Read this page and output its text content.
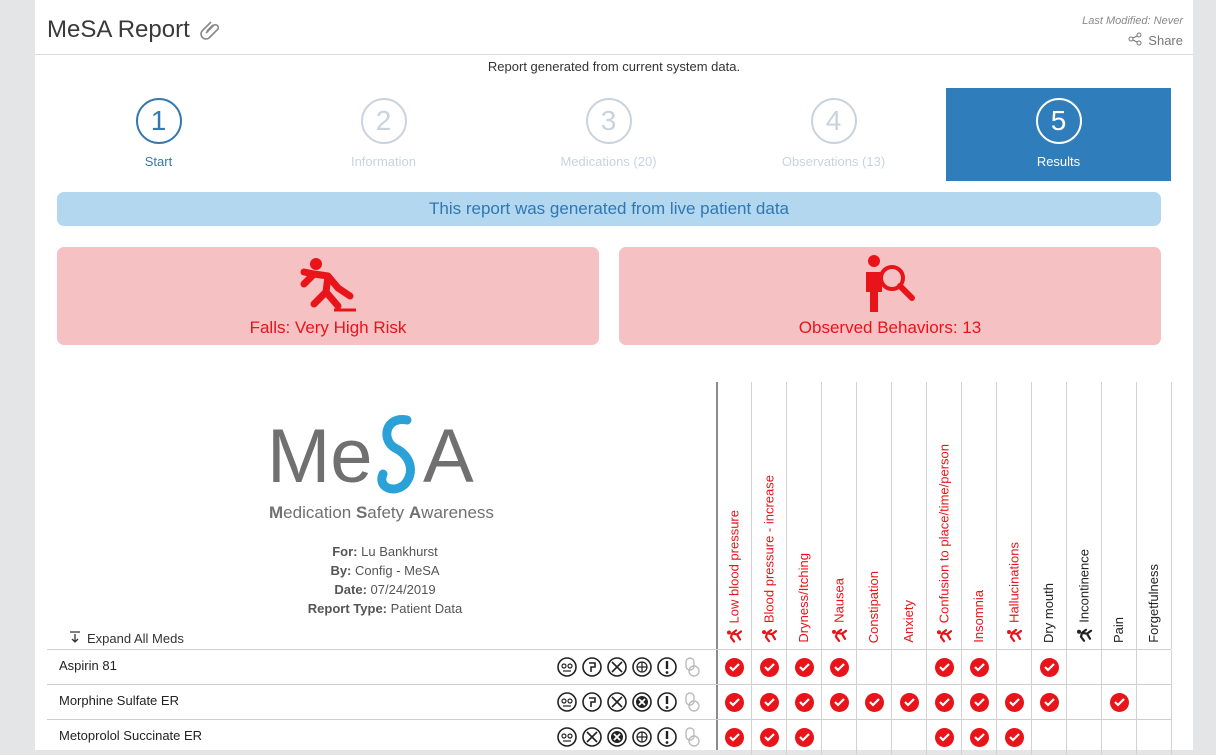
MeSA Report	Last Modified: Never
Share
Report generated from current system data.
1
Start
2
Information
3
Medications (20)
4
Observations (13)
5
Results
This report was generated from live patient data
Falls: Very High Risk	Observed Behaviors: 13
Me A
Medication Safety Awareness
For: Lu Bankhurst
By: Config - MeSA
Date: 07/24/2019
Report Type: Patient Data
Expand All Meds
Low blood pressure Blood pressure - increase Dryness/Itching Nausea Constipation Anxiety Confusion to place/time/person Insomnia Hallucinations Dry mouth Incontinence
Pain Forgetfulness
Aspirin 81
Morphine Sulfate ER
Metoprolol Succinate ER
